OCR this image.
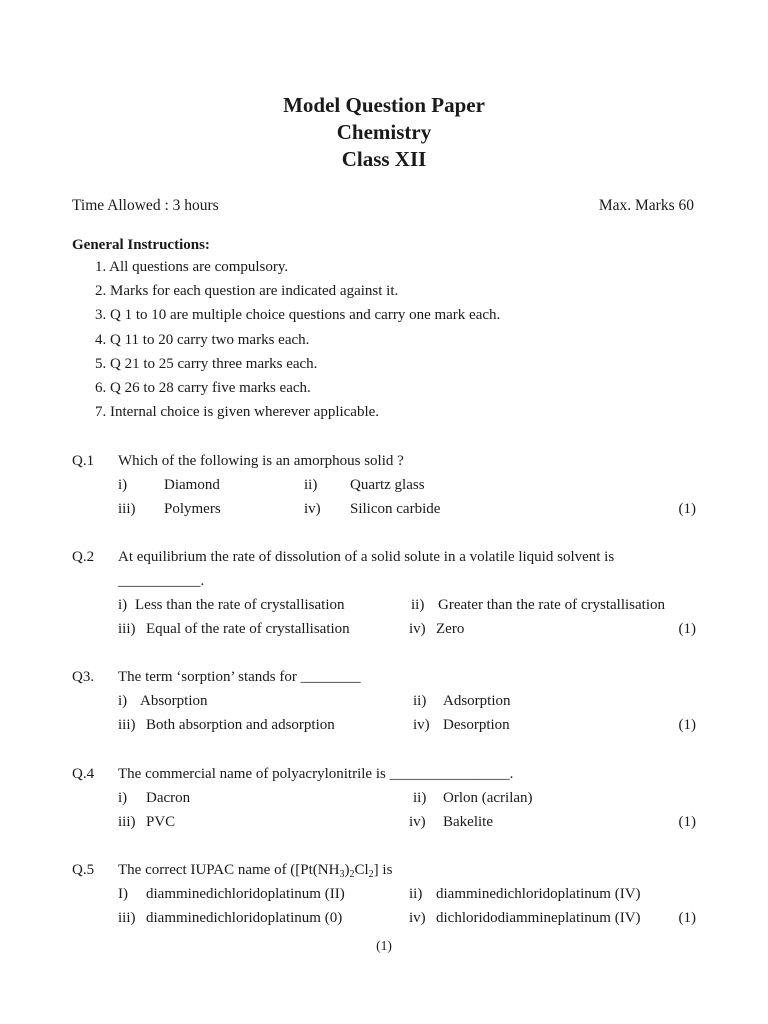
Model Question Paper
Chemistry
Class XII
Time Allowed : 3 hours	Max. Marks 60
General Instructions:
1. All questions are compulsory.
2. Marks for each question are indicated against it.
3. Q 1 to 10 are multiple choice questions and carry one mark each.
4. Q 11 to 20 carry two marks each.
5. Q 21 to 25 carry three marks each.
6. Q 26 to 28 carry five marks each.
7. Internal choice is given wherever applicable.
Q.1 Which of the following is an amorphous solid ?
i) Diamond	ii) Quartz glass
iii) Polymers	iv) Silicon carbide	(1)
Q.2 At equilibrium the rate of dissolution of a solid solute in a volatile liquid solvent is
___________.
i) Less than the rate of crystallisation	ii) Greater than the rate of crystallisation
iii) Equal of the rate of crystallisation	iv) Zero	(1)
Q3. The term ‘sorption’ stands for ________
i) Absorption	ii) Adsorption
iii) Both absorption and adsorption	iv) Desorption	(1)
Q.4 The commercial name of polyacrylonitrile is ________________.
i) Dacron	ii) Orlon (acrilan)
iii) PVC	iv) Bakelite	(1)
Q.5 The correct IUPAC name of ($[Pt(NH_3)_2Cl_2]$ is
I) diamminedichloridoplatinum (II)	ii) diamminedichloridoplatinum (IV)
iii) diamminedichloridoplatinum (0)	iv) dichloridodiammineplatinum (IV)	(1)
(1)
